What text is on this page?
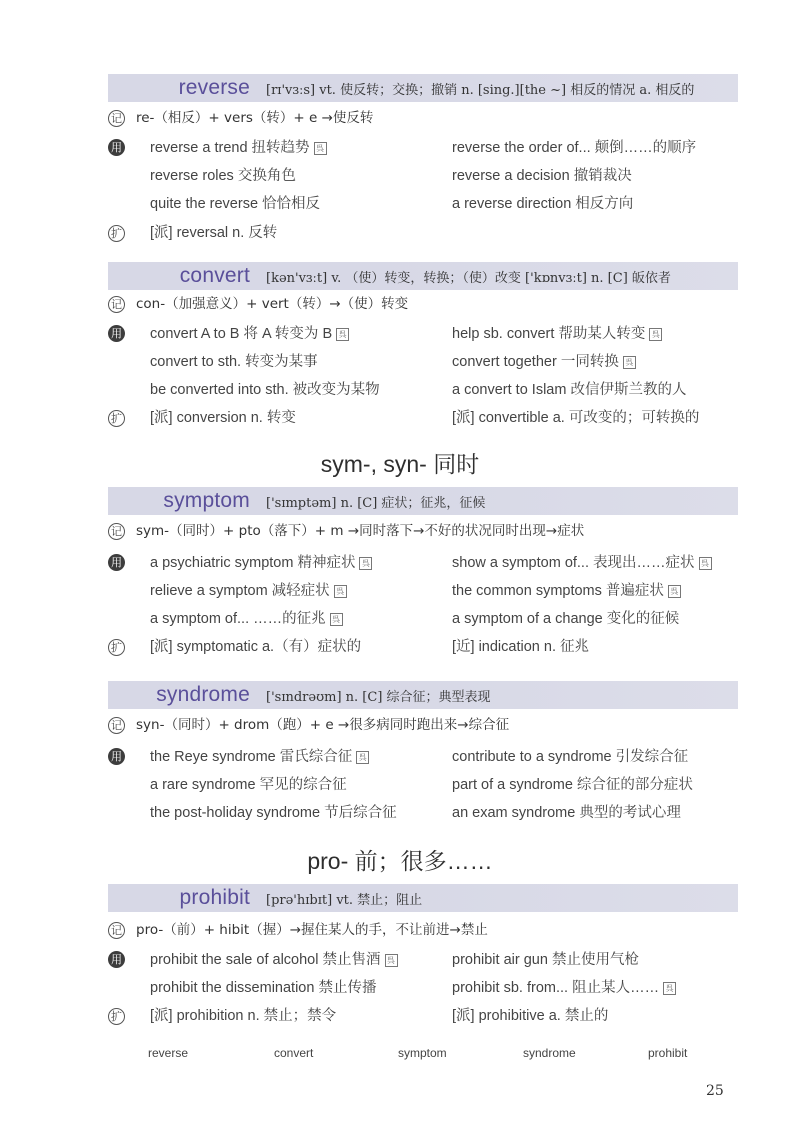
reverse [rɪ'vɜːs] vt. 使反转；交换；撤销 n. [sing.][the ~] 相反的情况 a. 相反的
记 re-（相反）+ vers（转）+ e →使反转
用 reverse a trend 扭转趋势 呉	reverse the order of... 颠倒……的顺序
reverse roles 交换角色	reverse a decision 撤销裁决
quite the reverse 恰恰相反	a reverse direction 相反方向
扩 [派] reversal n. 反转
convert [kən'vɜːt] v. （使）转变，转换；（使）改变 ['kɒnvɜːt] n. [C] 皈依者
记 con-（加强意义）+ vert（转）→（使）转变
用 convert A to B 将 A 转变为 B 呉	help sb. convert 帮助某人转变 呉
convert to sth. 转变为某事	convert together 一同转换 呉
be converted into sth. 被改变为某物	a convert to Islam 改信伊斯兰教的人
扩 [派] conversion n. 转变	[派] convertible a. 可改变的；可转换的
sym-, syn- 同时
symptom ['sɪmptəm] n. [C] 症状；征兆，征候
记 sym-（同时）+ pto（落下）+ m →同时落下→不好的状况同时出现→症状
用 a psychiatric symptom 精神症状 呉	show a symptom of... 表现出……症状 呉
relieve a symptom 减轻症状 呉	the common symptoms 普遍症状 呉
a symptom of... ……的征兆 呉	a symptom of a change 变化的征候
扩 [派] symptomatic a.（有）症状的	[近] indication n. 征兆
syndrome ['sɪndrəʊm] n. [C] 综合征；典型表现
记 syn-（同时）+ drom（跑）+ e →很多病同时跑出来→综合征
用 the Reye syndrome 雷氏综合征 呉	contribute to a syndrome 引发综合征
a rare syndrome 罕见的综合征	part of a syndrome 综合征的部分症状
the post-holiday syndrome 节后综合征	an exam syndrome 典型的考试心理
pro- 前；很多……
prohibit [prə'hɪbɪt] vt. 禁止；阻止
记 pro-（前）+ hibit（握）→握住某人的手，不让前进→禁止
用 prohibit the sale of alcohol 禁止售酒 呉	prohibit air gun 禁止使用气枪
prohibit the dissemination 禁止传播	prohibit sb. from... 阻止某人…… 呉
扩 [派] prohibition n. 禁止；禁令	[派] prohibitive a. 禁止的
reverse	convert	symptom	syndrome	prohibit
25
